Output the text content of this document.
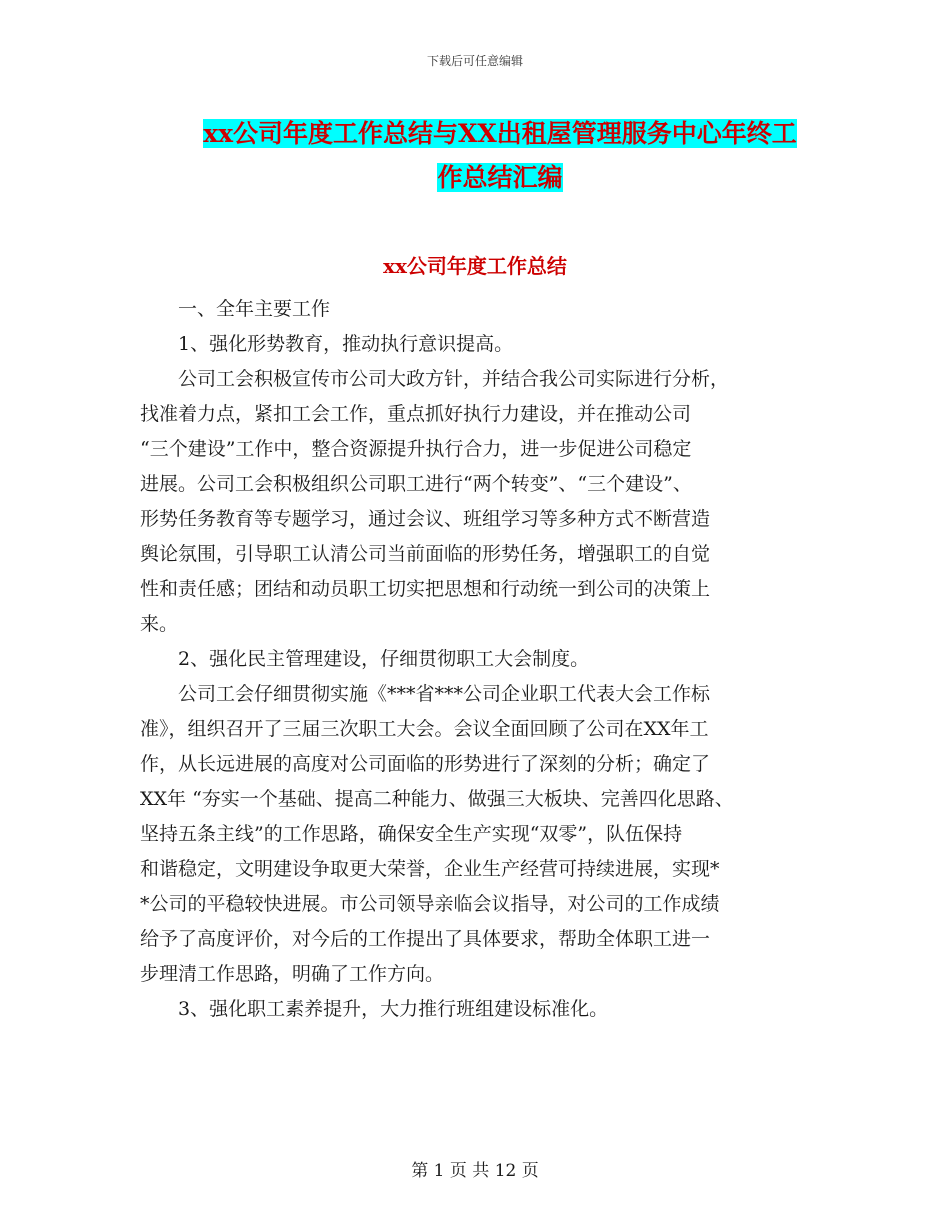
下载后可任意编辑
xx公司年度工作总结与XX出租屋管理服务中心年终工
作总结汇编
xx公司年度工作总结

一、全年主要工作

1、强化形势教育，推动执行意识提高。

公司工会积极宣传市公司大政方针，并结合我公司实际进行分析，

找准着力点，紧扣工会工作，重点抓好执行力建设，并在推动公司

“三个建设”工作中，整合资源提升执行合力，进一步促进公司稳定

进展。公司工会积极组织公司职工进行“两个转变”、“三个建设”、

形势任务教育等专题学习，通过会议、班组学习等多种方式不断营造

舆论氛围，引导职工认清公司当前面临的形势任务，增强职工的自觉

性和责任感；团结和动员职工切实把思想和行动统一到公司的决策上

来。

2、强化民主管理建设，仔细贯彻职工大会制度。

公司工会仔细贯彻实施《***省***公司企业职工代表大会工作标

准》，组织召开了三届三次职工大会。会议全面回顾了公司在XX年工

作，从长远进展的高度对公司面临的形势进行了深刻的分析；确定了

XX年 “夯实一个基础、提高二种能力、做强三大板块、完善四化思路、

坚持五条主线”的工作思路，确保安全生产实现“双零”，队伍保持

和谐稳定，文明建设争取更大荣誉，企业生产经营可持续进展，实现*

*公司的平稳较快进展。市公司领导亲临会议指导，对公司的工作成绩

给予了高度评价，对今后的工作提出了具体要求，帮助全体职工进一

步理清工作思路，明确了工作方向。

3、强化职工素养提升，大力推行班组建设标准化。

第 1 页 共 12 页
